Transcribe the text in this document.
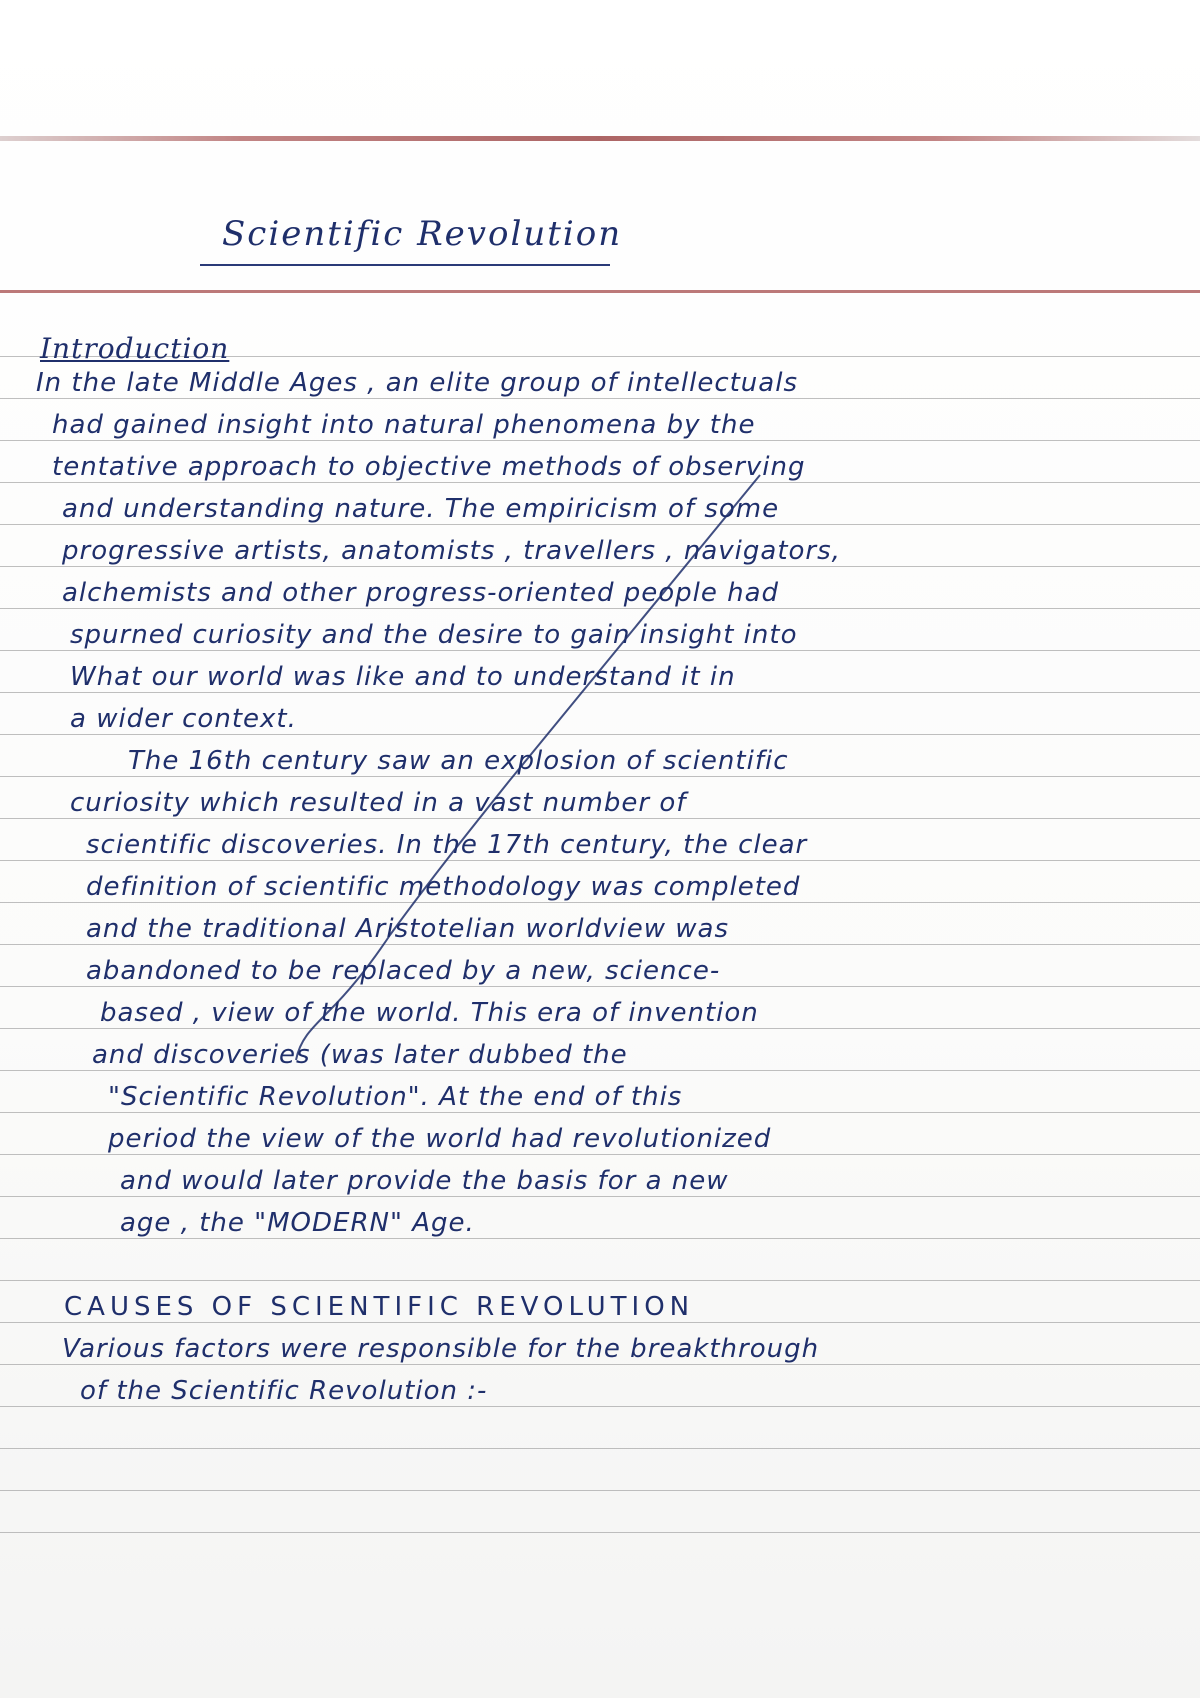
Scientific Revolution
Introduction
In the late Middle Ages , an elite group of intellectuals
had gained insight into natural phenomena by the
tentative approach to objective methods of observing
and understanding nature. The empiricism of some
progressive artists, anatomists , travellers , navigators,
alchemists and other progress-oriented people had
spurned curiosity and the desire to gain insight into
What our world was like and to understand it in
a wider context.
The 16th century saw an explosion of scientific
curiosity which resulted in a vast number of
scientific discoveries. In the 17th century, the clear
definition of scientific methodology was completed
and the traditional Aristotelian worldview was
abandoned to be replaced by a new, science-
based , view of the world. This era of invention
and discoveries (was later dubbed the
"Scientific Revolution". At the end of this
period the view of the world had revolutionized
and would later provide the basis for a new
age , the "MODERN" Age.
CAUSES OF SCIENTIFIC REVOLUTION
Various factors were responsible for the breakthrough
of the Scientific Revolution :-
